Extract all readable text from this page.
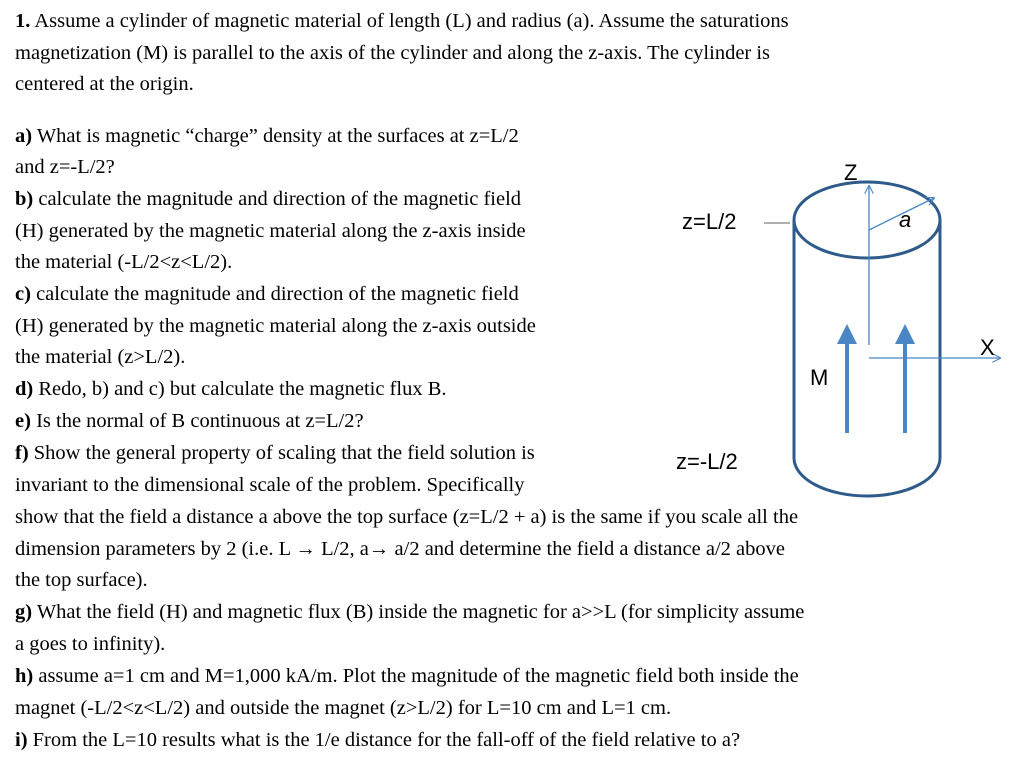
1. Assume a cylinder of magnetic material of length (L) and radius (a). Assume the saturations
magnetization (M) is parallel to the axis of the cylinder and along the z-axis. The cylinder is
centered at the origin.
a) What is magnetic “charge” density at the surfaces at z=L/2
and z=-L/2?
b) calculate the magnitude and direction of the magnetic field
(H) generated by the magnetic material along the z-axis inside
the material (-L/2<z<L/2).
c) calculate the magnitude and direction of the magnetic field
(H) generated by the magnetic material along the z-axis outside
the material (z>L/2).
d) Redo, b) and c) but calculate the magnetic flux B.
e) Is the normal of B continuous at z=L/2?
f) Show the general property of scaling that the field solution is
invariant to the dimensional scale of the problem. Specifically
show that the field a distance a above the top surface (z=L/2 + a) is the same if you scale all the
dimension parameters by 2 (i.e. L → L/2, a→ a/2 and determine the field a distance a/2 above
the top surface).
g) What the field (H) and magnetic flux (B) inside the magnetic for a>>L (for simplicity assume
a goes to infinity).
h) assume a=1 cm and M=1,000 kA/m. Plot the magnitude of the magnetic field both inside the
magnet (-L/2<z<L/2) and outside the magnet (z>L/2) for L=10 cm and L=1 cm.
i) From the L=10 results what is the 1/e distance for the fall-off of the field relative to a?
Z
X
a
M
z=L/2
z=-L/2
